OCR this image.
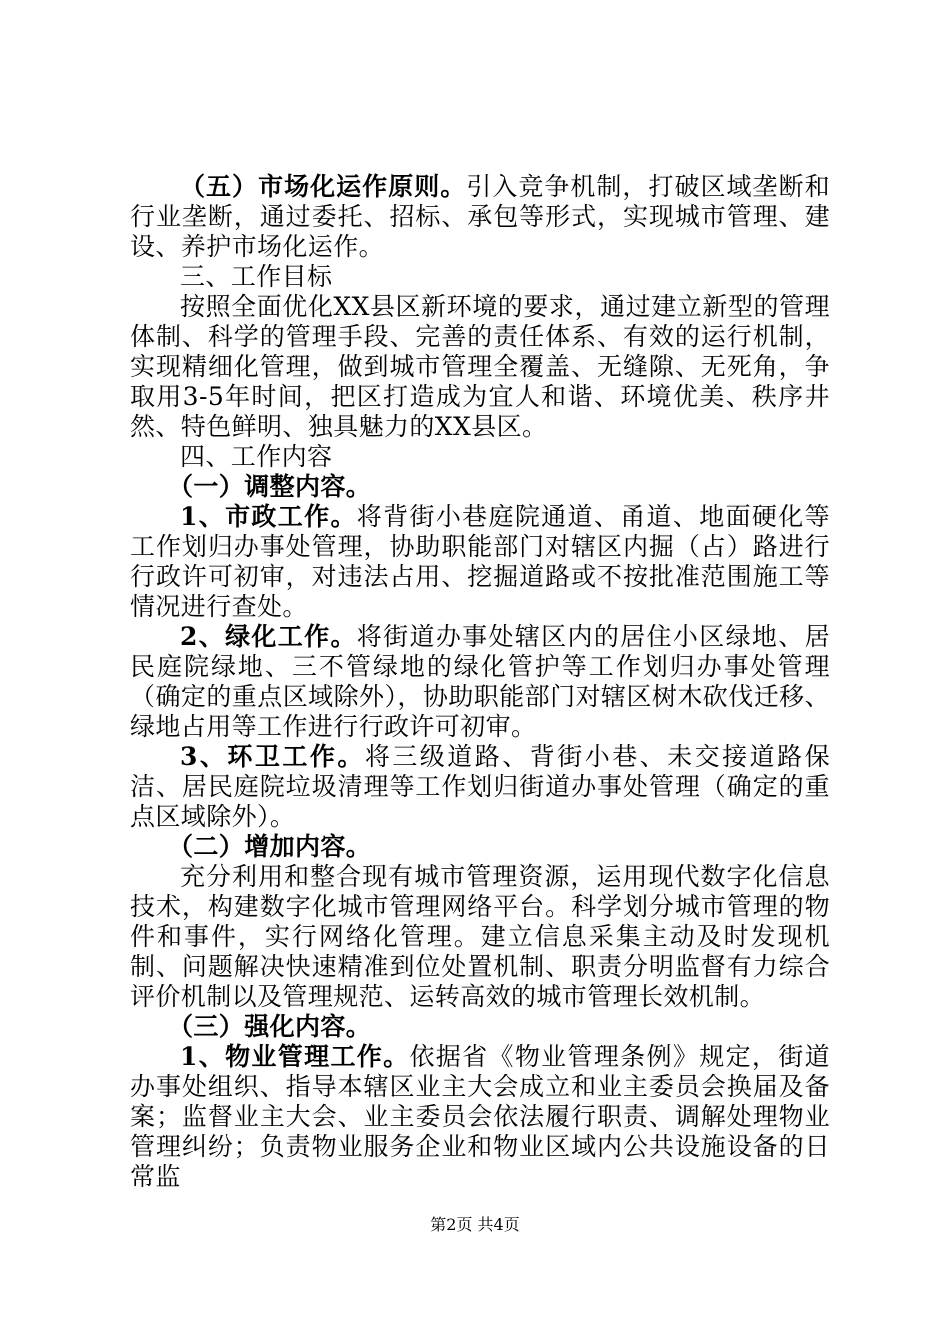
（五）市场化运作原则。引入竞争机制，打破区域垄断和行业垄断，通过委托、招标、承包等形式，实现城市管理、建设、养护市场化运作。

三、工作目标

按照全面优化XX县区新环境的要求，通过建立新型的管理体制、科学的管理手段、完善的责任体系、有效的运行机制，实现精细化管理，做到城市管理全覆盖、无缝隙、无死角，争取用3-5年时间，把区打造成为宜人和谐、环境优美、秩序井然、特色鲜明、独具魅力的XX县区。

四、工作内容

（一）调整内容。

1、市政工作。将背街小巷庭院通道、甬道、地面硬化等工作划归办事处管理，协助职能部门对辖区内掘（占）路进行行政许可初审，对违法占用、挖掘道路或不按批准范围施工等情况进行查处。

2、绿化工作。将街道办事处辖区内的居住小区绿地、居民庭院绿地、三不管绿地的绿化管护等工作划归办事处管理（确定的重点区域除外），协助职能部门对辖区树木砍伐迁移、绿地占用等工作进行行政许可初审。

3、环卫工作。将三级道路、背街小巷、未交接道路保洁、居民庭院垃圾清理等工作划归街道办事处管理（确定的重点区域除外）。

（二）增加内容。

充分利用和整合现有城市管理资源，运用现代数字化信息技术，构建数字化城市管理网络平台。科学划分城市管理的物件和事件，实行网络化管理。建立信息采集主动及时发现机制、问题解决快速精准到位处置机制、职责分明监督有力综合评价机制以及管理规范、运转高效的城市管理长效机制。

（三）强化内容。

1、物业管理工作。依据省《物业管理条例》规定，街道办事处组织、指导本辖区业主大会成立和业主委员会换届及备案；监督业主大会、业主委员会依法履行职责、调解处理物业管理纠纷；负责物业服务企业和物业区域内公共设施设备的日常监

第2页 共4页
